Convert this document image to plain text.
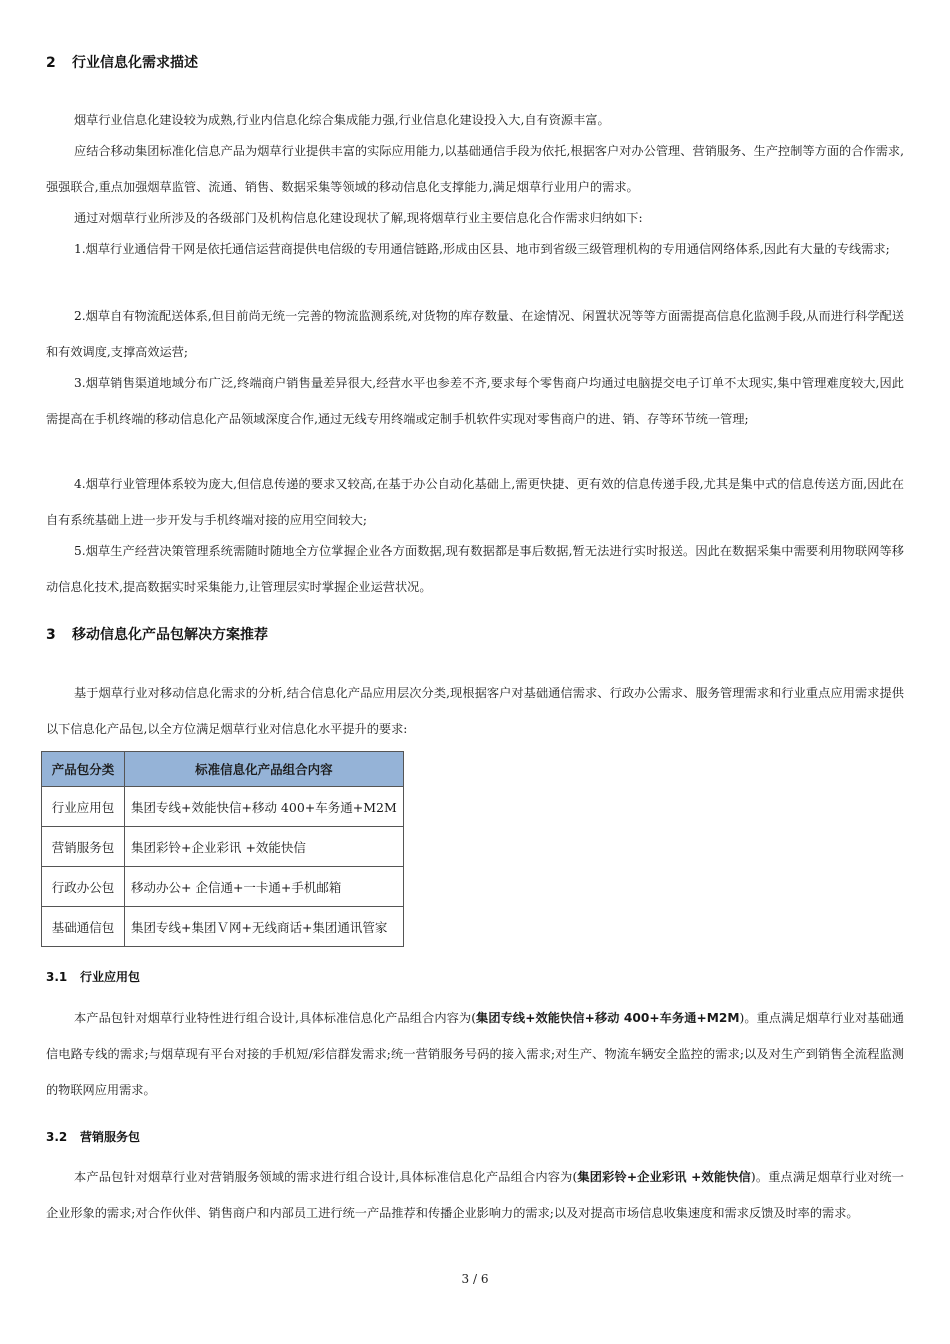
2 行业信息化需求描述
烟草行业信息化建设较为成熟,行业内信息化综合集成能力强,行业信息化建设投入大,自有资源丰富。
应结合移动集团标准化信息产品为烟草行业提供丰富的实际应用能力,以基础通信手段为依托,根据客户对办公管理、营销服务、生产控制等方面的合作需求,强强联合,重点加强烟草监管、流通、销售、数据采集等领域的移动信息化支撑能力,满足烟草行业用户的需求。
通过对烟草行业所涉及的各级部门及机构信息化建设现状了解,现将烟草行业主要信息化合作需求归纳如下:
1.烟草行业通信骨干网是依托通信运营商提供电信级的专用通信链路,形成由区县、地市到省级三级管理机构的专用通信网络体系,因此有大量的专线需求;
2.烟草自有物流配送体系,但目前尚无统一完善的物流监测系统,对货物的库存数量、在途情况、闲置状况等等方面需提高信息化监测手段,从而进行科学配送和有效调度,支撑高效运营;
3.烟草销售渠道地域分布广泛,终端商户销售量差异很大,经营水平也参差不齐,要求每个零售商户均通过电脑提交电子订单不太现实,集中管理难度较大,因此需提高在手机终端的移动信息化产品领域深度合作,通过无线专用终端或定制手机软件实现对零售商户的进、销、存等环节统一管理;
4.烟草行业管理体系较为庞大,但信息传递的要求又较高,在基于办公自动化基础上,需更快捷、更有效的信息传递手段,尤其是集中式的信息传送方面,因此在自有系统基础上进一步开发与手机终端对接的应用空间较大;
5.烟草生产经营决策管理系统需随时随地全方位掌握企业各方面数据,现有数据都是事后数据,暂无法进行实时报送。因此在数据采集中需要利用物联网等移动信息化技术,提高数据实时采集能力,让管理层实时掌握企业运营状况。
3 移动信息化产品包解决方案推荐
基于烟草行业对移动信息化需求的分析,结合信息化产品应用层次分类,现根据客户对基础通信需求、行政办公需求、服务管理需求和行业重点应用需求提供以下信息化产品包,以全方位满足烟草行业对信息化水平提升的要求:
产品包分类	标准信息化产品组合内容
行业应用包	集团专线+效能快信+移动 400+车务通+M2M
营销服务包	集团彩铃+企业彩讯 +效能快信
行政办公包	移动办公+ 企信通+一卡通+手机邮箱
基础通信包	集团专线+集团Ｖ网+无线商话+集团通讯管家
3.1 行业应用包
本产品包针对烟草行业特性进行组合设计,具体标准信息化产品组合内容为(集团专线+效能快信+移动 400+车务通+M2M)。重点满足烟草行业对基础通信电路专线的需求;与烟草现有平台对接的手机短/彩信群发需求;统一营销服务号码的接入需求;对生产、物流车辆安全监控的需求;以及对生产到销售全流程监测的物联网应用需求。
3.2 营销服务包
本产品包针对烟草行业对营销服务领域的需求进行组合设计,具体标准信息化产品组合内容为(集团彩铃+企业彩讯 +效能快信)。重点满足烟草行业对统一企业形象的需求;对合作伙伴、销售商户和内部员工进行统一产品推荐和传播企业影响力的需求;以及对提高市场信息收集速度和需求反馈及时率的需求。
3 / 6
